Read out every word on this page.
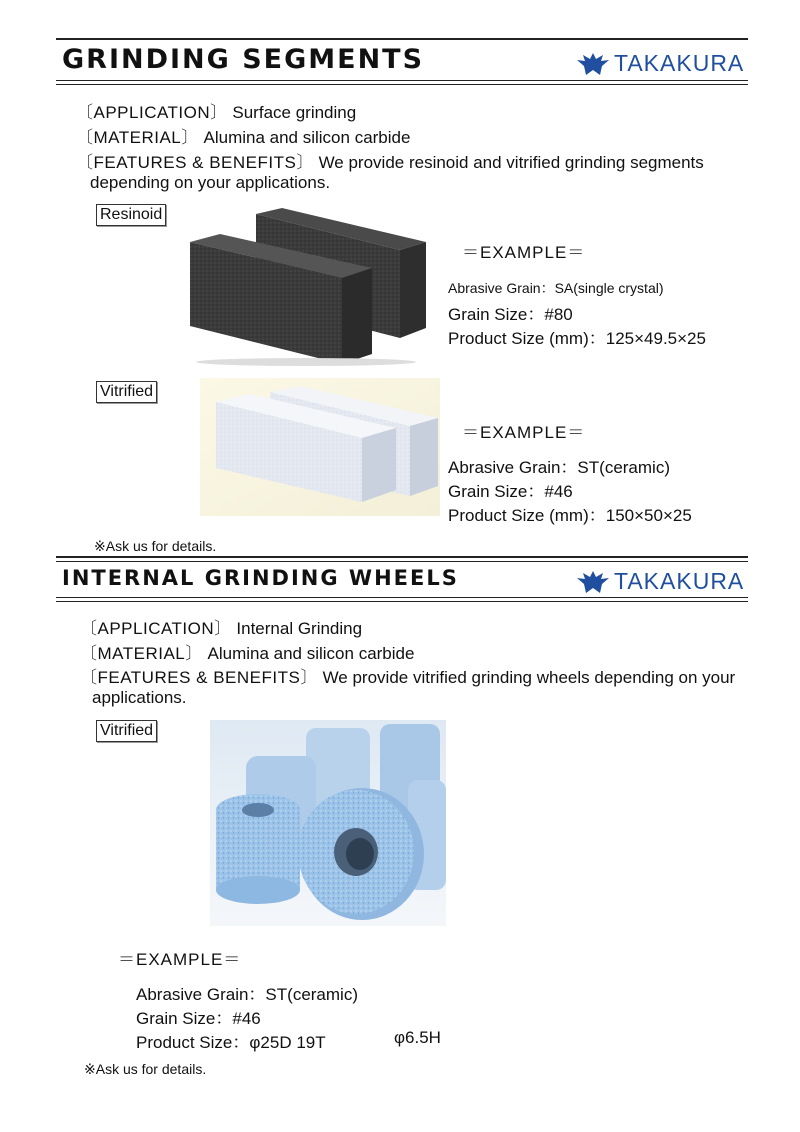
GRINDING SEGMENTS	TAKAKURA
〔APPLICATION〕 Surface grinding
〔MATERIAL〕 Alumina and silicon carbide
〔FEATURES & BENEFITS〕 We provide resinoid and vitrified grinding segments
depending on your applications.
Resinoid
＝EXAMPLE＝
Abrasive Grain：SA(single crystal)
Grain Size：#80
Product Size (mm)：125×49.5×25
Vitrified
＝EXAMPLE＝
Abrasive Grain：ST(ceramic)
Grain Size：#46
Product Size (mm)：150×50×25
※Ask us for details.
INTERNAL GRINDING WHEELS	TAKAKURA
〔APPLICATION〕 Internal Grinding
〔MATERIAL〕 Alumina and silicon carbide
〔FEATURES & BENEFITS〕 We provide vitrified grinding wheels depending on your
applications.
Vitrified
＝EXAMPLE＝
Abrasive Grain：ST(ceramic)
Grain Size：#46
Product Size：φ25D 19T	φ6.5H
※Ask us for details.
